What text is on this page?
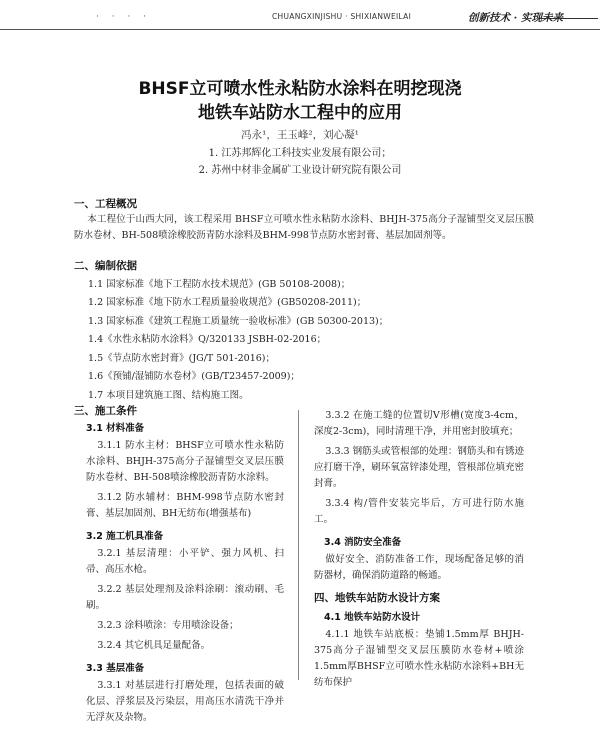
· · · ·	CHUANGXINJISHU · SHIXIANWEILAI	创新技术 · 实现未来
BHSF立可喷水性永粘防水涂料在明挖现浇
地铁车站防水工程中的应用
冯永¹，王玉峰²，刘心凝¹
1. 江苏邦辉化工科技实业发展有限公司；
2. 苏州中材非金属矿工业设计研究院有限公司
一、工程概况
本工程位于山西大同，该工程采用 BHSF立可喷水性永粘防水涂料、BHJH-375高分子湿铺型交叉层压膜防水卷材、BH-508喷涂橡胶沥青防水涂料及BHM-998节点防水密封膏、基层加固剂等。
二、编制依据
1.1 国家标准《地下工程防水技术规范》(GB 50108-2008)；
1.2 国家标准《地下防水工程质量验收规范》(GB50208-2011)；
1.3 国家标准《建筑工程施工质量统一验收标准》(GB 50300-2013)；
1.4《水性永粘防水涂料》Q/320133 JSBH-02-2016；
1.5《节点防水密封膏》(JG/T 501-2016)；
1.6《预铺/湿铺防水卷材》(GB/T23457-2009)；
1.7 本项目建筑施工图、结构施工图。
三、施工条件
3.1 材料准备
3.1.1 防水主材：BHSF立可喷水性永粘防水涂料、BHJH-375高分子湿铺型交叉层压膜防水卷材、BH-508喷涂橡胶沥青防水涂料。
3.1.2 防水辅材：BHM-998节点防水密封膏、基层加固剂、BH无纺布(增强基布)
3.2 施工机具准备
3.2.1 基层清理：小平铲、强力风机、扫帚、高压水枪。
3.2.2 基层处理剂及涂料涂刷：滚动刷、毛刷。
3.2.3 涂料喷涂：专用喷涂设备；
3.2.4 其它机具足量配备。
3.3 基层准备
3.3.1 对基层进行打磨处理，包括表面的破化层、浮浆层及污染层，用高压水清洗干净并无浮灰及杂物。
3.3.2 在施工缝的位置切V形槽(宽度3-4cm，深度2-3cm)，同时清理干净，并用密封胶填充；
3.3.3 钢筋头或管根部的处理：钢筋头和有锈迹应打磨干净，刷环氧富锌漆处理，管根部位填充密封膏。
3.3.4 构/管件安装完毕后，方可进行防水施工。
3.4 消防安全准备
做好安全、消防准备工作，现场配备足够的消防器材，确保消防道路的畅通。
四、地铁车站防水设计方案
4.1 地铁车站防水设计
4.1.1 地铁车站底板：垫铺1.5mm厚 BHJH-375高分子湿铺型交叉层压膜防水卷材+喷涂1.5mm厚BHSF立可喷水性永粘防水涂料+BH无纺布保护
